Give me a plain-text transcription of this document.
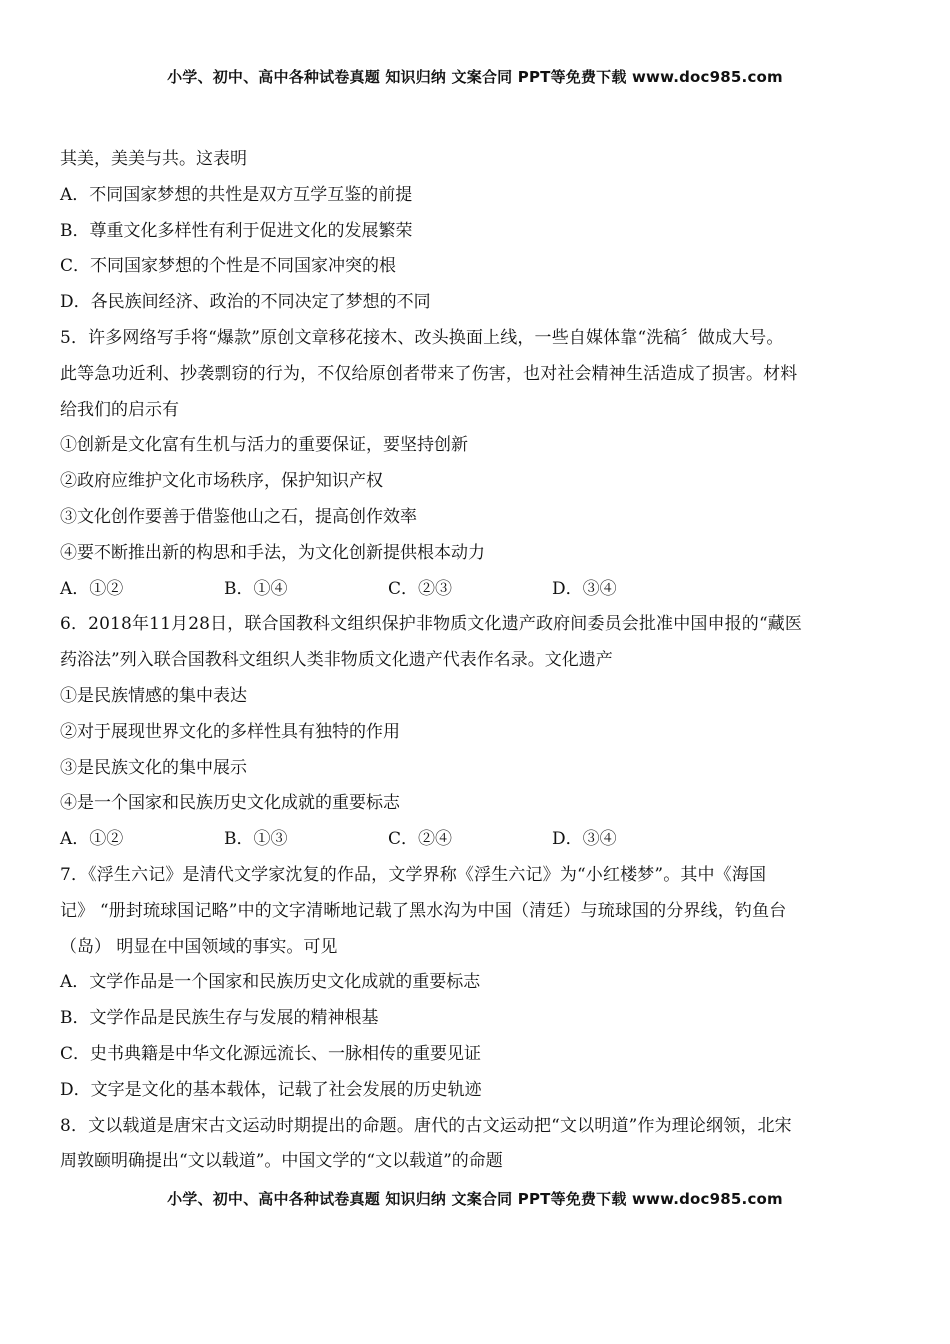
小学、初中、高中各种试卷真题 知识归纳 文案合同 PPT等免费下载 www.doc985.com
其美，美美与共。这表明
A．不同国家梦想的共性是双方互学互鉴的前提
B．尊重文化多样性有利于促进文化的发展繁荣
C．不同国家梦想的个性是不同国家冲突的根
D．各民族间经济、政治的不同决定了梦想的不同
5．许多网络写手将“爆款”原创文章移花接木、改头换面上线，一些自媒体靠“洗稿〞做成大号。
此等急功近利、抄袭剽窃的行为，不仅给原创者带来了伤害，也对社会精神生活造成了损害。材料
给我们的启示有
①创新是文化富有生机与活力的重要保证，要坚持创新
②政府应维护文化市场秩序，保护知识产权
③文化创作要善于借鉴他山之石，提高创作效率
④要不断推出新的构思和手法，为文化创新提供根本动力
A．①②	B．①④	C．②③	D．③④
6．2018年11月28日，联合国教科文组织保护非物质文化遗产政府间委员会批准中国申报的“藏医
药浴法”列入联合国教科文组织人类非物质文化遗产代表作名录。文化遗产
①是民族情感的集中表达
②对于展现世界文化的多样性具有独特的作用
③是民族文化的集中展示
④是一个国家和民族历史文化成就的重要标志
A．①②	B．①③	C．②④	D．③④
7．《浮生六记》是清代文学家沈复的作品，文学界称《浮生六记》为“小红楼梦”。其中《海国
记》 “册封琉球国记略”中的文字清晰地记载了黑水沟为中国（清廷）与琉球国的分界线，钓鱼台
（岛） 明显在中国领域的事实。可见
A．文学作品是一个国家和民族历史文化成就的重要标志
B．文学作品是民族生存与发展的精神根基
C．史书典籍是中华文化源远流长、一脉相传的重要见证
D．文字是文化的基本载体，记载了社会发展的历史轨迹
8．文以载道是唐宋古文运动时期提出的命题。唐代的古文运动把“文以明道”作为理论纲领，北宋
周敦颐明确提出“文以载道”。中国文学的“文以载道”的命题
小学、初中、高中各种试卷真题 知识归纳 文案合同 PPT等免费下载 www.doc985.com
